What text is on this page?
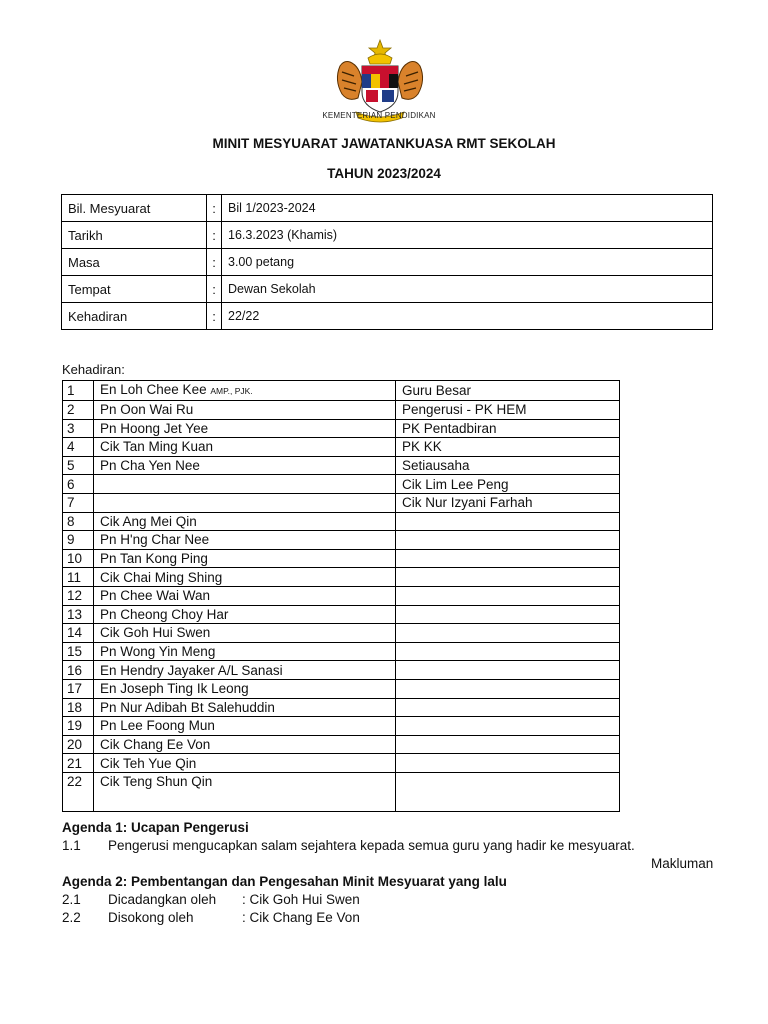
KEMENTERIAN PENDIDIKAN
MINIT MESYUARAT JAWATANKUASA RMT SEKOLAH
TAHUN 2023/2024
Bil. Mesyuarat	:	Bil 1/2023-2024
Tarikh	:	16.3.2023 (Khamis)
Masa	:	3.00 petang
Tempat	:	Dewan Sekolah
Kehadiran	:	22/22
Kehadiran:
1	En Loh Chee Kee AMP., PJK.	Guru Besar
2	Pn Oon Wai Ru	Pengerusi - PK HEM
3	Pn Hoong Jet Yee	PK Pentadbiran
4	Cik Tan Ming Kuan	PK KK
5	Pn Cha Yen Nee	Setiausaha
6		Cik Lim Lee Peng
7		Cik Nur Izyani Farhah
8	Cik Ang Mei Qin	
9	Pn H'ng Char Nee	
10	Pn Tan Kong Ping	
11	Cik Chai Ming Shing	
12	Pn Chee Wai Wan	
13	Pn Cheong Choy Har	
14	Cik Goh Hui Swen	
15	Pn Wong Yin Meng	
16	En Hendry Jayaker A/L Sanasi	
17	En Joseph Ting Ik Leong	
18	Pn Nur Adibah Bt Salehuddin	
19	Pn Lee Foong Mun	
20	Cik Chang Ee Von	
21	Cik Teh Yue Qin	
22	Cik Teng Shun Qin	
Agenda 1: Ucapan Pengerusi
1.1 Pengerusi mengucapkan salam sejahtera kepada semua guru yang hadir ke mesyuarat.
Makluman
Agenda 2: Pembentangan dan Pengesahan Minit Mesyuarat yang lalu
2.1 Dicadangkan oleh : Cik Goh Hui Swen
2.2 Disokong oleh	: Cik Chang Ee Von
